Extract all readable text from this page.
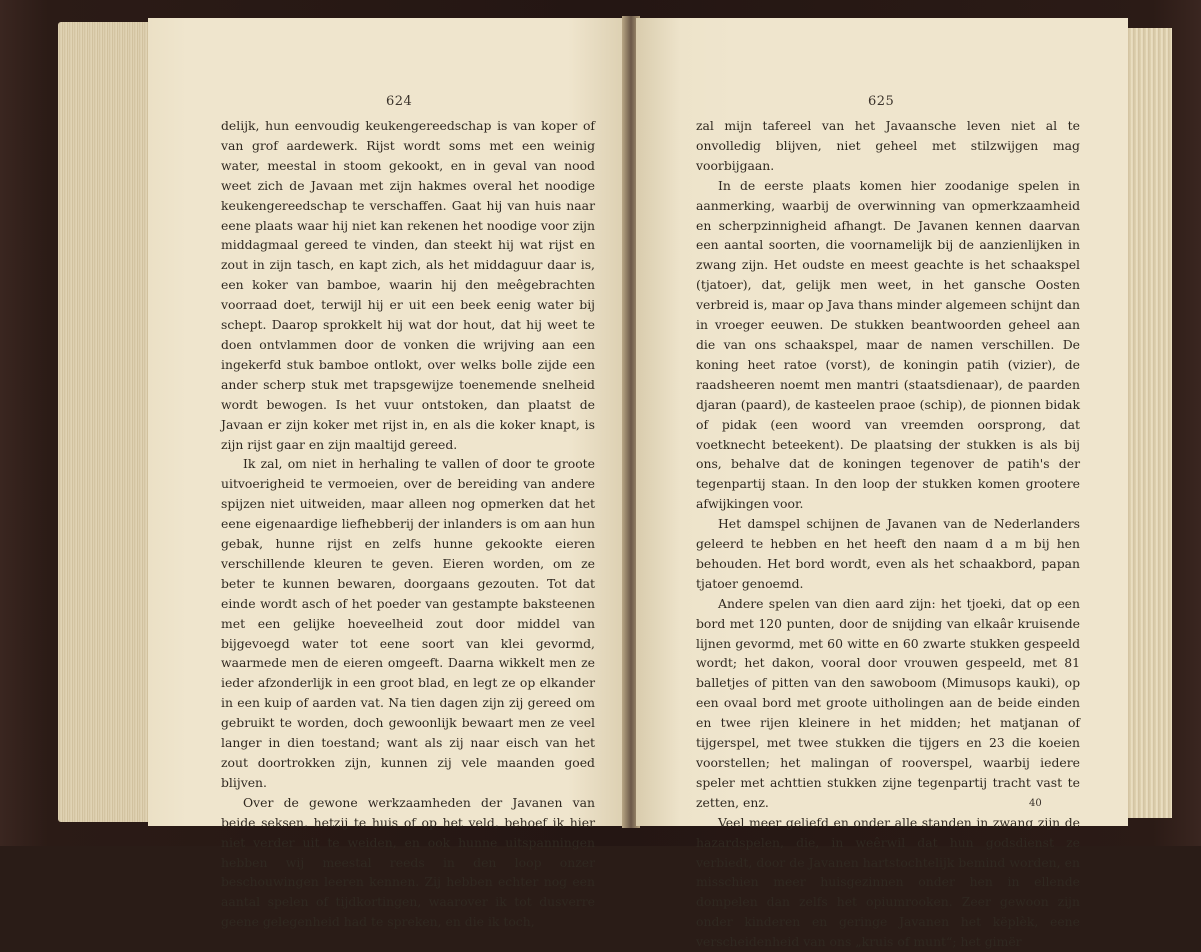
624

delijk, hun eenvoudig keukengereedschap is van koper of van grof aardewerk. Rijst wordt soms met een weinig water, meestal in stoom gekookt, en in geval van nood weet zich de Javaan met zijn hakmes overal het noodige keukengereedschap te verschaffen. Gaat hij van huis naar eene plaats waar hij niet kan rekenen het noodige voor zijn middagmaal gereed te vinden, dan steekt hij wat rijst en zout in zijn tasch, en kapt zich, als het middaguur daar is, een koker van bamboe, waarin hij den meêgebrachten voorraad doet, terwijl hij er uit een beek eenig water bij schept. Daarop sprokkelt hij wat dor hout, dat hij weet te doen ontvlammen door de vonken die wrijving aan een ingekerfd stuk bamboe ontlokt, over welks bolle zijde een ander scherp stuk met trapsgewijze toenemende snelheid wordt bewogen. Is het vuur ontstoken, dan plaatst de Javaan er zijn koker met rijst in, en als die koker knapt, is zijn rijst gaar en zijn maaltijd gereed.

Ik zal, om niet in herhaling te vallen of door te groote uitvoerigheid te vermoeien, over de bereiding van andere spijzen niet uitweiden, maar alleen nog opmerken dat het eene eigenaardige liefhebberij der inlanders is om aan hun gebak, hunne rijst en zelfs hunne gekookte eieren verschillende kleuren te geven. Eieren worden, om ze beter te kunnen bewaren, doorgaans gezouten. Tot dat einde wordt asch of het poeder van gestampte baksteenen met een gelijke hoeveelheid zout door middel van bijgevoegd water tot eene soort van klei gevormd, waarmede men de eieren omgeeft. Daarna wikkelt men ze ieder afzonderlijk in een groot blad, en legt ze op elkander in een kuip of aarden vat. Na tien dagen zijn zij gereed om gebruikt te worden, doch gewoonlijk bewaart men ze veel langer in dien toestand; want als zij naar eisch van het zout doortrokken zijn, kunnen zij vele maanden goed blijven.

Over de gewone werkzaamheden der Javanen van beide seksen, hetzij te huis of op het veld, behoef ik hier niet verder uit te weiden, en ook hunne uitspanningen hebben wij meestal reeds in den loop onzer beschouwingen leeren kennen. Zij hebben echter nog een aantal spelen of tijdkortingen, waarover ik tot dusverre geene gelegenheid had te spreken, en die ik toch,

625

zal mijn tafereel van het Javaansche leven niet al te onvolledig blijven, niet geheel met stilzwijgen mag voorbijgaan.

In de eerste plaats komen hier zoodanige spelen in aanmerking, waarbij de overwinning van opmerkzaamheid en scherpzinnigheid afhangt. De Javanen kennen daarvan een aantal soorten, die voornamelijk bij de aanzienlijken in zwang zijn. Het oudste en meest geachte is het schaakspel (tjatoer), dat, gelijk men weet, in het gansche Oosten verbreid is, maar op Java thans minder algemeen schijnt dan in vroeger eeuwen. De stukken beantwoorden geheel aan die van ons schaakspel, maar de namen verschillen. De koning heet ratoe (vorst), de koningin patih (vizier), de raadsheeren noemt men mantri (staatsdienaar), de paarden djaran (paard), de kasteelen praoe (schip), de pionnen bidak of pidak (een woord van vreemden oorsprong, dat voetknecht beteekent). De plaatsing der stukken is als bij ons, behalve dat de koningen tegenover de patih's der tegenpartij staan. In den loop der stukken komen grootere afwijkingen voor.

Het damspel schijnen de Javanen van de Nederlanders geleerd te hebben en het heeft den naam d a m bij hen behouden. Het bord wordt, even als het schaakbord, papan tjatoer genoemd.

Andere spelen van dien aard zijn: het tjoeki, dat op een bord met 120 punten, door de snijding van elkaâr kruisende lijnen gevormd, met 60 witte en 60 zwarte stukken gespeeld wordt; het dakon, vooral door vrouwen gespeeld, met 81 balletjes of pitten van den sawoboom (Mimusops kauki), op een ovaal bord met groote uitholingen aan de beide einden en twee rijen kleinere in het midden; het matjanan of tijgerspel, met twee stukken die tijgers en 23 die koeien voorstellen; het malingan of rooverspel, waarbij iedere speler met achttien stukken zijne tegenpartij tracht vast te zetten, enz.

Veel meer geliefd en onder alle standen in zwang zijn de hazardspelen, die, in weêrwil dat hun godsdienst ze verbiedt, door de Javanen hartstochtelijk bemind worden, en misschien meer huisgezinnen onder hen in ellende dompelen dan zelfs het opiumrooken. Zeer gewoon zijn onder kinderen en geringe Javanen het këplèk, eene verscheidenheid van ons „kruis of munt“; het gimër

40
